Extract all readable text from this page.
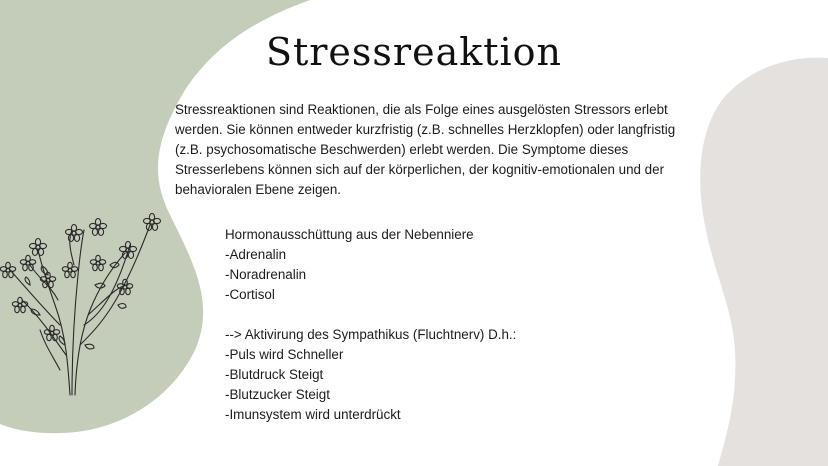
Stressreaktion
Stressreaktionen sind Reaktionen, die als Folge eines ausgelösten Stressors erlebt werden. Sie können entweder kurzfristig (z.B. schnelles Herzklopfen) oder langfristig (z.B. psychosomatische Beschwerden) erlebt werden. Die Symptome dieses Stresserlebens können sich auf der körperlichen, der kognitiv-emotionalen und der behavioralen Ebene zeigen.
Hormonausschüttung aus der Nebenniere
-Adrenalin
-Noradrenalin
-Cortisol
--> Aktivirung des Sympathikus (Fluchtnerv) D.h.:
-Puls wird Schneller
-Blutdruck Steigt
-Blutzucker Steigt
-Imunsystem wird unterdrückt
